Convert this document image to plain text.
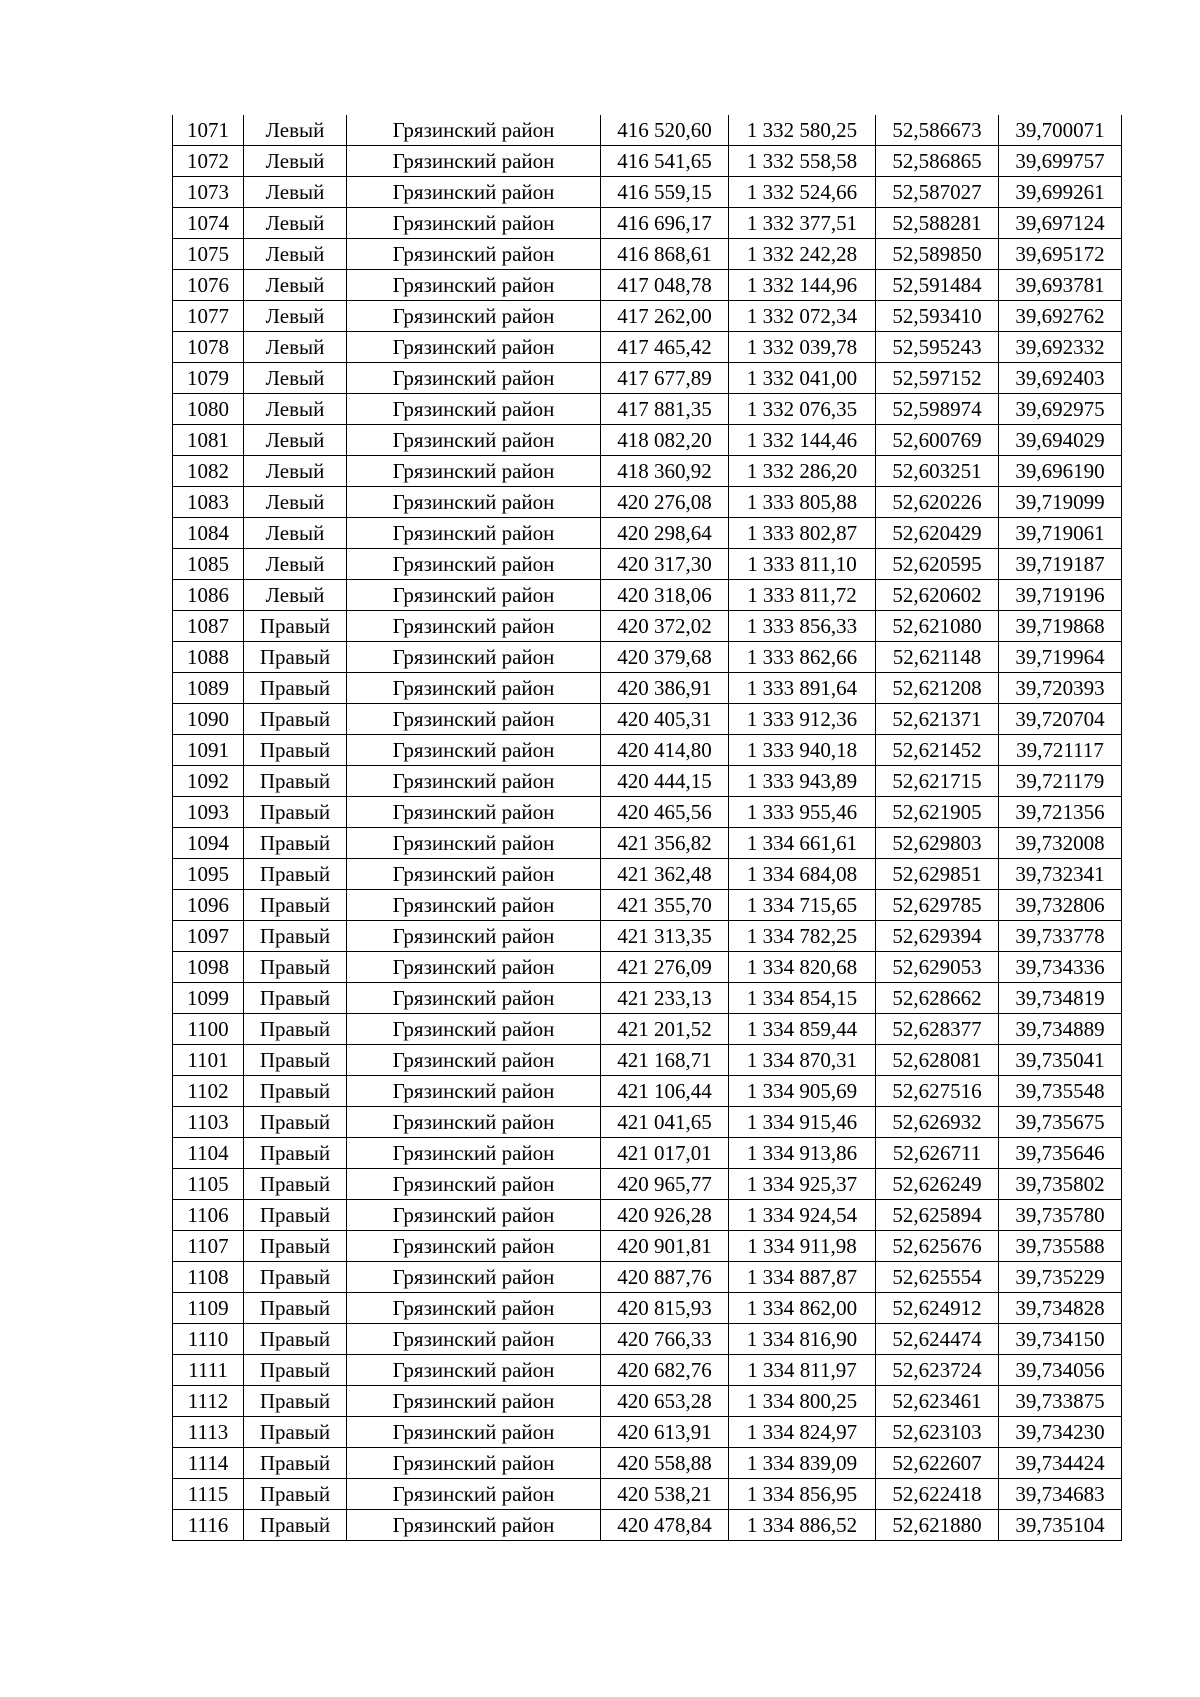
1071	Левый	Грязинский район	416 520,60	1 332 580,25	52,586673	39,700071
1072	Левый	Грязинский район	416 541,65	1 332 558,58	52,586865	39,699757
1073	Левый	Грязинский район	416 559,15	1 332 524,66	52,587027	39,699261
1074	Левый	Грязинский район	416 696,17	1 332 377,51	52,588281	39,697124
1075	Левый	Грязинский район	416 868,61	1 332 242,28	52,589850	39,695172
1076	Левый	Грязинский район	417 048,78	1 332 144,96	52,591484	39,693781
1077	Левый	Грязинский район	417 262,00	1 332 072,34	52,593410	39,692762
1078	Левый	Грязинский район	417 465,42	1 332 039,78	52,595243	39,692332
1079	Левый	Грязинский район	417 677,89	1 332 041,00	52,597152	39,692403
1080	Левый	Грязинский район	417 881,35	1 332 076,35	52,598974	39,692975
1081	Левый	Грязинский район	418 082,20	1 332 144,46	52,600769	39,694029
1082	Левый	Грязинский район	418 360,92	1 332 286,20	52,603251	39,696190
1083	Левый	Грязинский район	420 276,08	1 333 805,88	52,620226	39,719099
1084	Левый	Грязинский район	420 298,64	1 333 802,87	52,620429	39,719061
1085	Левый	Грязинский район	420 317,30	1 333 811,10	52,620595	39,719187
1086	Левый	Грязинский район	420 318,06	1 333 811,72	52,620602	39,719196
1087	Правый	Грязинский район	420 372,02	1 333 856,33	52,621080	39,719868
1088	Правый	Грязинский район	420 379,68	1 333 862,66	52,621148	39,719964
1089	Правый	Грязинский район	420 386,91	1 333 891,64	52,621208	39,720393
1090	Правый	Грязинский район	420 405,31	1 333 912,36	52,621371	39,720704
1091	Правый	Грязинский район	420 414,80	1 333 940,18	52,621452	39,721117
1092	Правый	Грязинский район	420 444,15	1 333 943,89	52,621715	39,721179
1093	Правый	Грязинский район	420 465,56	1 333 955,46	52,621905	39,721356
1094	Правый	Грязинский район	421 356,82	1 334 661,61	52,629803	39,732008
1095	Правый	Грязинский район	421 362,48	1 334 684,08	52,629851	39,732341
1096	Правый	Грязинский район	421 355,70	1 334 715,65	52,629785	39,732806
1097	Правый	Грязинский район	421 313,35	1 334 782,25	52,629394	39,733778
1098	Правый	Грязинский район	421 276,09	1 334 820,68	52,629053	39,734336
1099	Правый	Грязинский район	421 233,13	1 334 854,15	52,628662	39,734819
1100	Правый	Грязинский район	421 201,52	1 334 859,44	52,628377	39,734889
1101	Правый	Грязинский район	421 168,71	1 334 870,31	52,628081	39,735041
1102	Правый	Грязинский район	421 106,44	1 334 905,69	52,627516	39,735548
1103	Правый	Грязинский район	421 041,65	1 334 915,46	52,626932	39,735675
1104	Правый	Грязинский район	421 017,01	1 334 913,86	52,626711	39,735646
1105	Правый	Грязинский район	420 965,77	1 334 925,37	52,626249	39,735802
1106	Правый	Грязинский район	420 926,28	1 334 924,54	52,625894	39,735780
1107	Правый	Грязинский район	420 901,81	1 334 911,98	52,625676	39,735588
1108	Правый	Грязинский район	420 887,76	1 334 887,87	52,625554	39,735229
1109	Правый	Грязинский район	420 815,93	1 334 862,00	52,624912	39,734828
1110	Правый	Грязинский район	420 766,33	1 334 816,90	52,624474	39,734150
1111	Правый	Грязинский район	420 682,76	1 334 811,97	52,623724	39,734056
1112	Правый	Грязинский район	420 653,28	1 334 800,25	52,623461	39,733875
1113	Правый	Грязинский район	420 613,91	1 334 824,97	52,623103	39,734230
1114	Правый	Грязинский район	420 558,88	1 334 839,09	52,622607	39,734424
1115	Правый	Грязинский район	420 538,21	1 334 856,95	52,622418	39,734683
1116	Правый	Грязинский район	420 478,84	1 334 886,52	52,621880	39,735104
